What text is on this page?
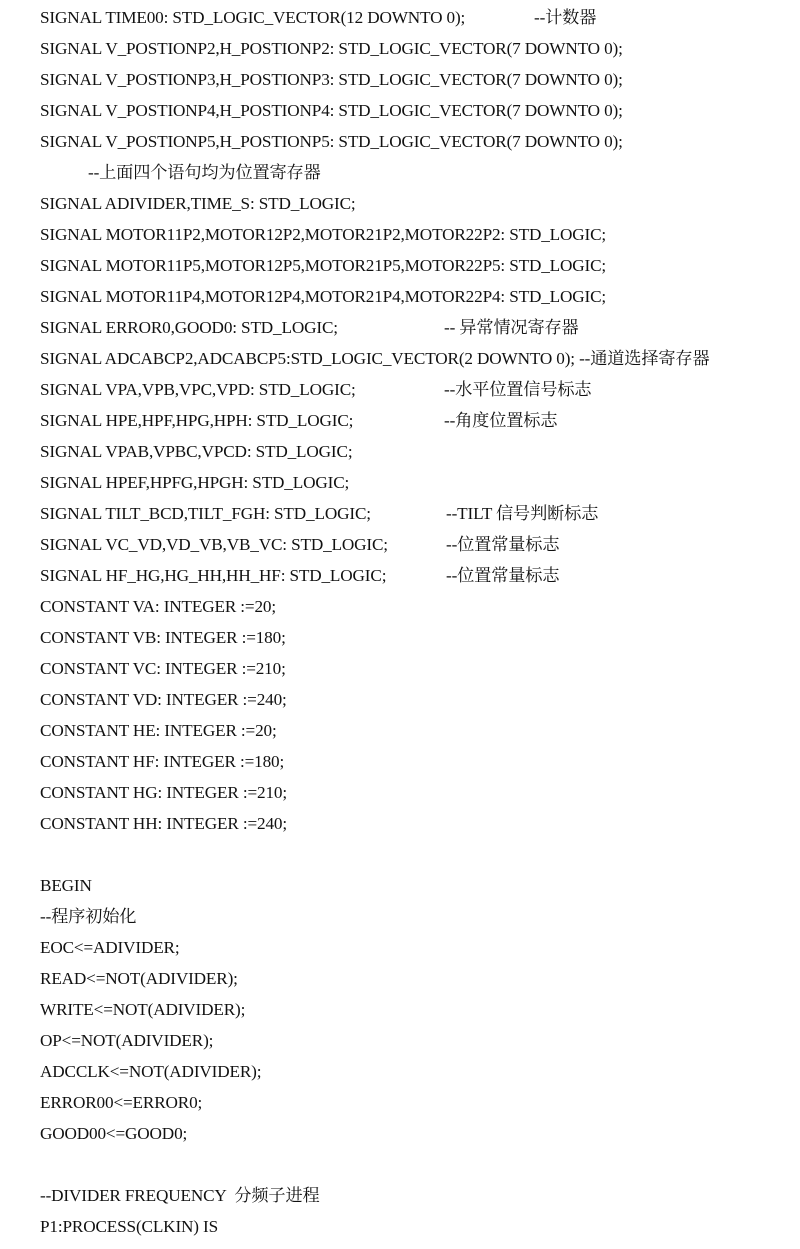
SIGNAL TIME00: STD_LOGIC_VECTOR(12 DOWNTO 0);	--计数器
SIGNAL V_POSTIONP2,H_POSTIONP2: STD_LOGIC_VECTOR(7 DOWNTO 0);
SIGNAL V_POSTIONP3,H_POSTIONP3: STD_LOGIC_VECTOR(7 DOWNTO 0);
SIGNAL V_POSTIONP4,H_POSTIONP4: STD_LOGIC_VECTOR(7 DOWNTO 0);
SIGNAL V_POSTIONP5,H_POSTIONP5: STD_LOGIC_VECTOR(7 DOWNTO 0);
--上面四个语句均为位置寄存器
SIGNAL ADIVIDER,TIME_S: STD_LOGIC;
SIGNAL MOTOR11P2,MOTOR12P2,MOTOR21P2,MOTOR22P2: STD_LOGIC;
SIGNAL MOTOR11P5,MOTOR12P5,MOTOR21P5,MOTOR22P5: STD_LOGIC;
SIGNAL MOTOR11P4,MOTOR12P4,MOTOR21P4,MOTOR22P4: STD_LOGIC;
SIGNAL ERROR0,GOOD0: STD_LOGIC;	-- 异常情况寄存器
SIGNAL ADCABCP2,ADCABCP5:STD_LOGIC_VECTOR(2 DOWNTO 0); --通道选择寄存器
SIGNAL VPA,VPB,VPC,VPD: STD_LOGIC;	--水平位置信号标志
SIGNAL HPE,HPF,HPG,HPH: STD_LOGIC;	--角度位置标志
SIGNAL VPAB,VPBC,VPCD: STD_LOGIC;
SIGNAL HPEF,HPFG,HPGH: STD_LOGIC;
SIGNAL TILT_BCD,TILT_FGH: STD_LOGIC;	--TILT 信号判断标志
SIGNAL VC_VD,VD_VB,VB_VC: STD_LOGIC;	--位置常量标志
SIGNAL HF_HG,HG_HH,HH_HF: STD_LOGIC;	--位置常量标志
CONSTANT VA: INTEGER :=20;
CONSTANT VB: INTEGER :=180;
CONSTANT VC: INTEGER :=210;
CONSTANT VD: INTEGER :=240;
CONSTANT HE: INTEGER :=20;
CONSTANT HF: INTEGER :=180;
CONSTANT HG: INTEGER :=210;
CONSTANT HH: INTEGER :=240;
BEGIN
--程序初始化
EOC<=ADIVIDER;
READ<=NOT(ADIVIDER);
WRITE<=NOT(ADIVIDER);
OP<=NOT(ADIVIDER);
ADCCLK<=NOT(ADIVIDER);
ERROR00<=ERROR0;
GOOD00<=GOOD0;
--DIVIDER FREQUENCY  分频子进程
P1:PROCESS(CLKIN) IS
